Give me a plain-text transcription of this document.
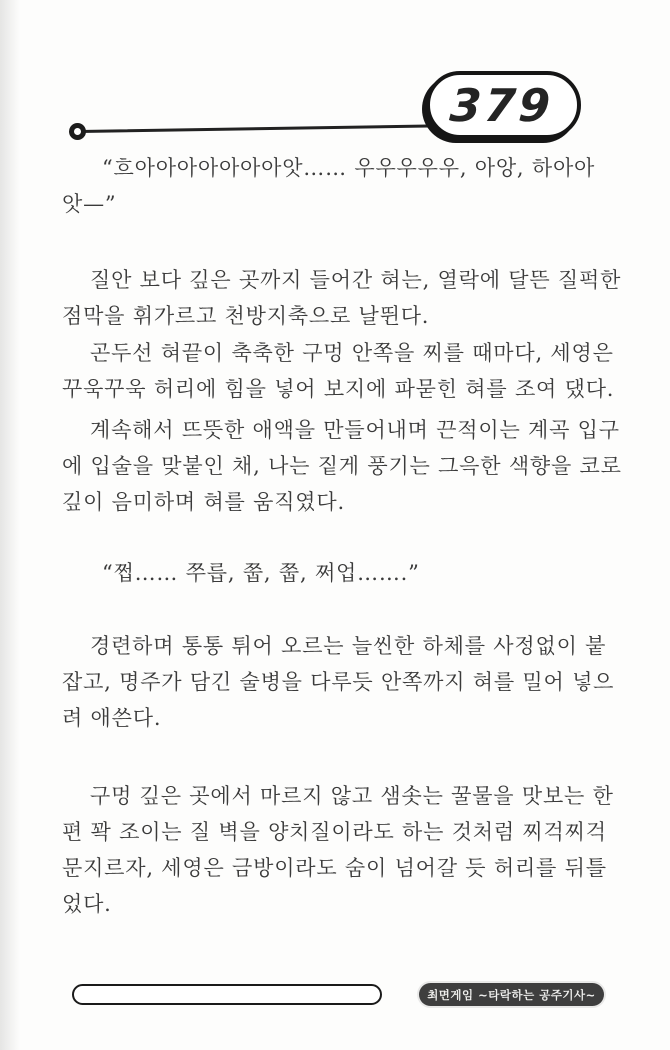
379
“흐아아아아아아아앗…… 우우우우우, 아앙, 하아아
앗—”
질안 보다 깊은 곳까지 들어간 혀는, 열락에 달뜬 질퍽한
점막을 휘가르고 천방지축으로 날뛴다.
곤두선 혀끝이 축축한 구멍 안쪽을 찌를 때마다, 세영은
꾸욱꾸욱 허리에 힘을 넣어 보지에 파묻힌 혀를 조여 댔다.
계속해서 뜨뜻한 애액을 만들어내며 끈적이는 계곡 입구
에 입술을 맞붙인 채, 나는 짙게 풍기는 그윽한 색향을 코로
깊이 음미하며 혀를 움직였다.
“쩝…… 쭈릅, 쭙, 쭙, 쩌업…….”
경련하며 통통 튀어 오르는 늘씬한 하체를 사정없이 붙
잡고, 명주가 담긴 술병을 다루듯 안쪽까지 혀를 밀어 넣으
려 애쓴다.
구멍 깊은 곳에서 마르지 않고 샘솟는 꿀물을 맛보는 한
편 꽉 조이는 질 벽을 양치질이라도 하는 것처럼 찌걱찌걱
문지르자, 세영은 금방이라도 숨이 넘어갈 듯 허리를 뒤틀
었다.
최면게임 ~타락하는 공주기사~
